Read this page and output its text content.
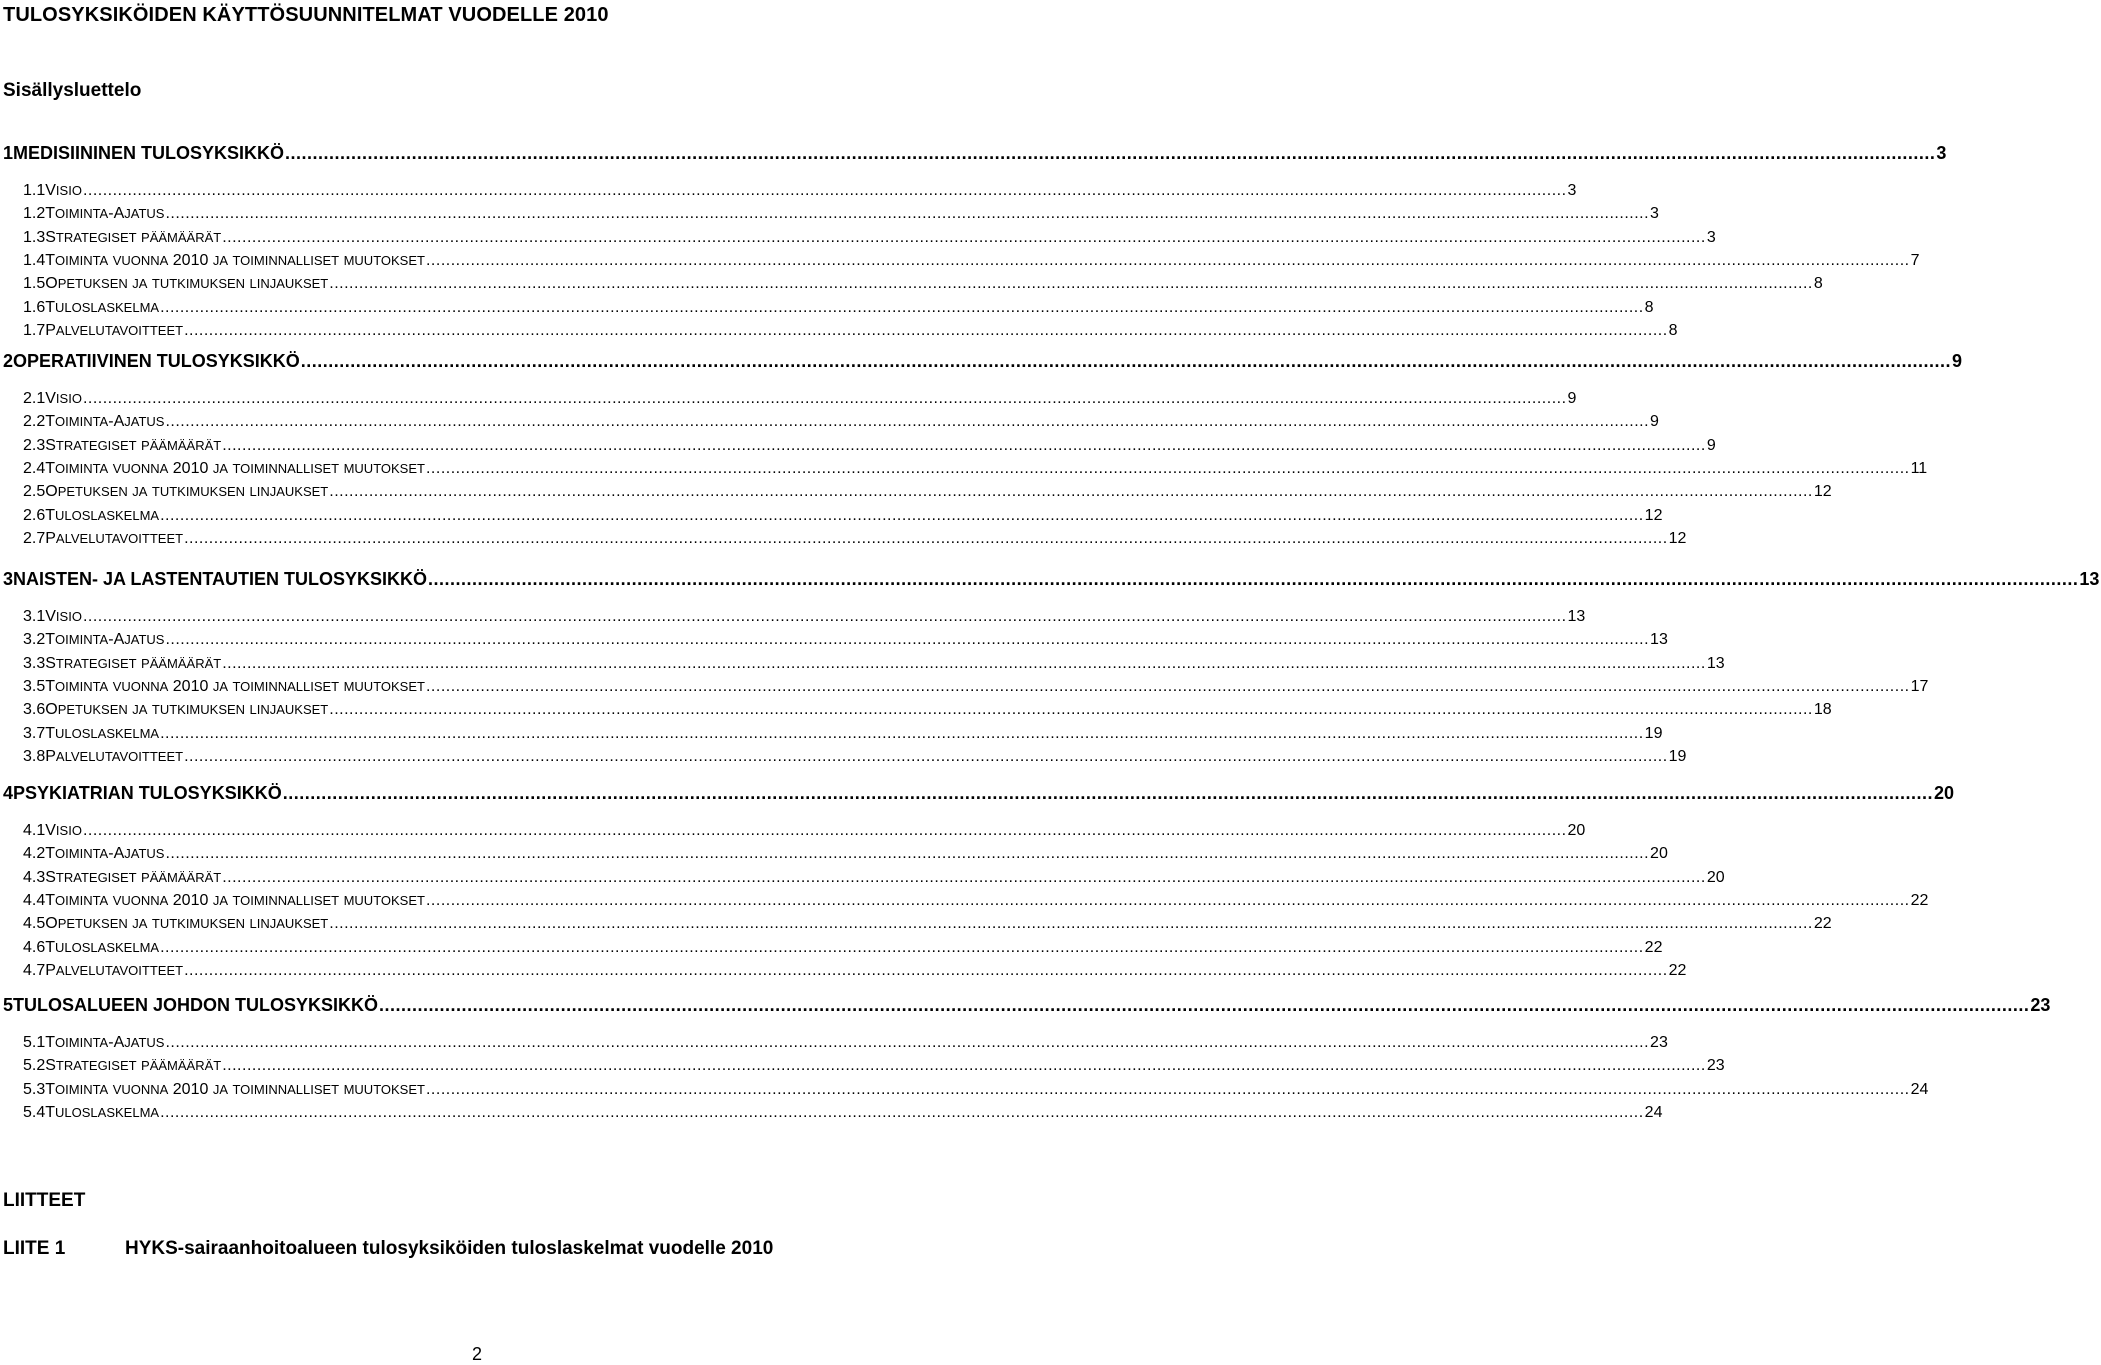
TULOSYKSIKÖIDEN KÄYTTÖSUUNNITELMAT VUODELLE 2010
Sisällysluettelo
1 MEDISIININEN TULOSYKSIKKÖ ............................................................................................................................................................................................................................................................................................................ 3
1.1 VISIO ............................................................................................................................................................................................................................................................................................................ 3
1.2 TOIMINTA-AJATUS ............................................................................................................................................................................................................................................................................................................ 3
1.3 STRATEGISET PÄÄMÄÄRÄT ............................................................................................................................................................................................................................................................................................................ 3
1.4 TOIMINTA VUONNA 2010 JA TOIMINNALLISET MUUTOKSET ............................................................................................................................................................................................................................................................................................................ 7
1.5 OPETUKSEN JA TUTKIMUKSEN LINJAUKSET ............................................................................................................................................................................................................................................................................................................ 8
1.6 TULOSLASKELMA ............................................................................................................................................................................................................................................................................................................ 8
1.7 PALVELUTAVOITTEET ............................................................................................................................................................................................................................................................................................................ 8
2 OPERATIIVINEN TULOSYKSIKKÖ ............................................................................................................................................................................................................................................................................................................ 9
2.1 VISIO ............................................................................................................................................................................................................................................................................................................ 9
2.2 TOIMINTA-AJATUS ............................................................................................................................................................................................................................................................................................................ 9
2.3 STRATEGISET PÄÄMÄÄRÄT ............................................................................................................................................................................................................................................................................................................ 9
2.4 TOIMINTA VUONNA 2010 JA TOIMINNALLISET MUUTOKSET ............................................................................................................................................................................................................................................................................................................ 11
2.5 OPETUKSEN JA TUTKIMUKSEN LINJAUKSET ............................................................................................................................................................................................................................................................................................................ 12
2.6 TULOSLASKELMA ............................................................................................................................................................................................................................................................................................................ 12
2.7 PALVELUTAVOITTEET ............................................................................................................................................................................................................................................................................................................ 12
3 NAISTEN- JA LASTENTAUTIEN TULOSYKSIKKÖ ............................................................................................................................................................................................................................................................................................................ 13
3.1 VISIO ............................................................................................................................................................................................................................................................................................................ 13
3.2 TOIMINTA-AJATUS ............................................................................................................................................................................................................................................................................................................ 13
3.3 STRATEGISET PÄÄMÄÄRÄT ............................................................................................................................................................................................................................................................................................................ 13
3.5 TOIMINTA VUONNA 2010 JA TOIMINNALLISET MUUTOKSET ............................................................................................................................................................................................................................................................................................................ 17
3.6 OPETUKSEN JA TUTKIMUKSEN LINJAUKSET ............................................................................................................................................................................................................................................................................................................ 18
3.7 TULOSLASKELMA ............................................................................................................................................................................................................................................................................................................ 19
3.8 PALVELUTAVOITTEET ............................................................................................................................................................................................................................................................................................................ 19
4 PSYKIATRIAN TULOSYKSIKKÖ ............................................................................................................................................................................................................................................................................................................ 20
4.1 VISIO ............................................................................................................................................................................................................................................................................................................ 20
4.2 TOIMINTA-AJATUS ............................................................................................................................................................................................................................................................................................................ 20
4.3 STRATEGISET PÄÄMÄÄRÄT ............................................................................................................................................................................................................................................................................................................ 20
4.4 TOIMINTA VUONNA 2010 JA TOIMINNALLISET MUUTOKSET ............................................................................................................................................................................................................................................................................................................ 22
4.5 OPETUKSEN JA TUTKIMUKSEN LINJAUKSET ............................................................................................................................................................................................................................................................................................................ 22
4.6 TULOSLASKELMA ............................................................................................................................................................................................................................................................................................................ 22
4.7 PALVELUTAVOITTEET ............................................................................................................................................................................................................................................................................................................ 22
5 TULOSALUEEN JOHDON TULOSYKSIKKÖ ............................................................................................................................................................................................................................................................................................................ 23
5.1 TOIMINTA-AJATUS ............................................................................................................................................................................................................................................................................................................ 23
5.2 STRATEGISET PÄÄMÄÄRÄT ............................................................................................................................................................................................................................................................................................................ 23
5.3 TOIMINTA VUONNA 2010 JA TOIMINNALLISET MUUTOKSET ............................................................................................................................................................................................................................................................................................................ 24
5.4 TULOSLASKELMA ............................................................................................................................................................................................................................................................................................................ 24
LIITTEET
LIITE 1	HYKS-sairaanhoitoalueen tulosyksiköiden tuloslaskelmat vuodelle 2010
2
